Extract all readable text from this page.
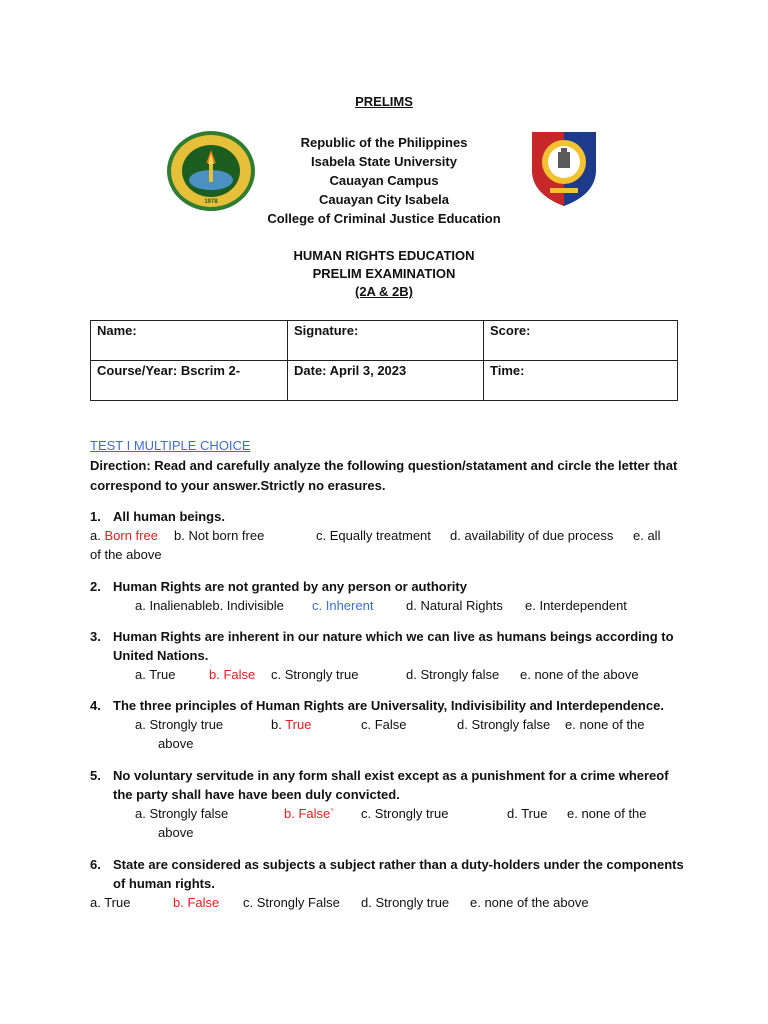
PRELIMS
1978
Republic of the Philippines
Isabela State University
Cauayan Campus
Cauayan City Isabela
College of Criminal Justice Education
HUMAN RIGHTS EDUCATION
PRELIM EXAMINATION
(2A & 2B)
Name:	Signature:	Score:
Course/Year: Bscrim 2-	Date: April 3, 2023	Time:
TEST I MULTIPLE CHOICE
Direction: Read and carefully analyze the following question/statament and circle the letter that correspond to your answer.Strictly no erasures.
1. All human beings.
a. Born free b. Not born free	c. Equally treatment d. availability of due process e. all
of the above
2. Human Rights are not granted by any person or authority
a. Inalienableb. Indivisible c. Inherent	d. Natural Rights e. Interdependent
3. Human Rights are inherent in our nature which we can live as humans beings according to United Nations.
a. True	b. False c. Strongly true	d. Strongly false e. none of the above
4. The three principles of Human Rights are Universality, Indivisibility and Interdependence.
a. Strongly true	b. True	c. False	d. Strongly false e. none of the
above
5. No voluntary servitude in any form shall exist except as a punishment for a crime whereof the party shall have have been duly convicted.
a. Strongly false	b. False` c. Strongly true	d. True e. none of the
above
6. State are considered as subjects a subject rather than a duty-holders under the components of human rights.
a. True	b. False c. Strongly False d. Strongly true e. none of the above
